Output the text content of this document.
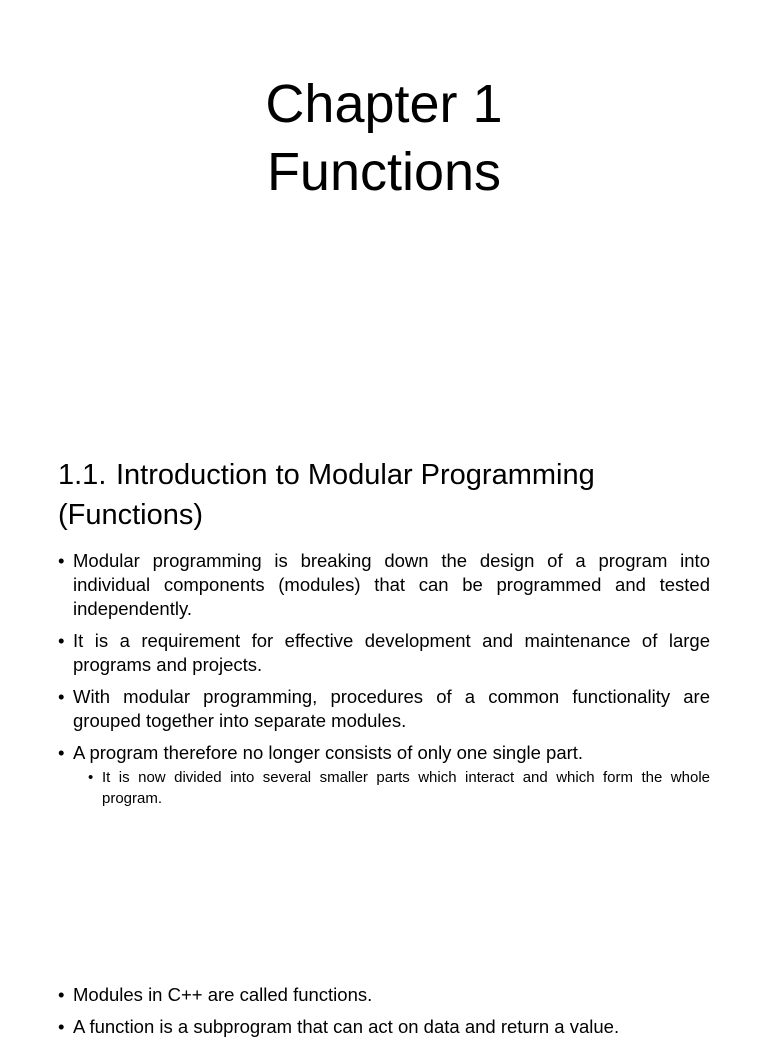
Chapter 1
Functions
1.1. Introduction to Modular Programming (Functions)
• Modular programming is breaking down the design of a program into individual components (modules) that can be programmed and tested independently.
• It is a requirement for effective development and maintenance of large programs and projects.
• With modular programming, procedures of a common functionality are grouped together into separate modules.
• A program therefore no longer consists of only one single part.
• It is now divided into several smaller parts which interact and which form the whole program.
• Modules in C++ are called functions.
• A function is a subprogram that can act on data and return a value.
